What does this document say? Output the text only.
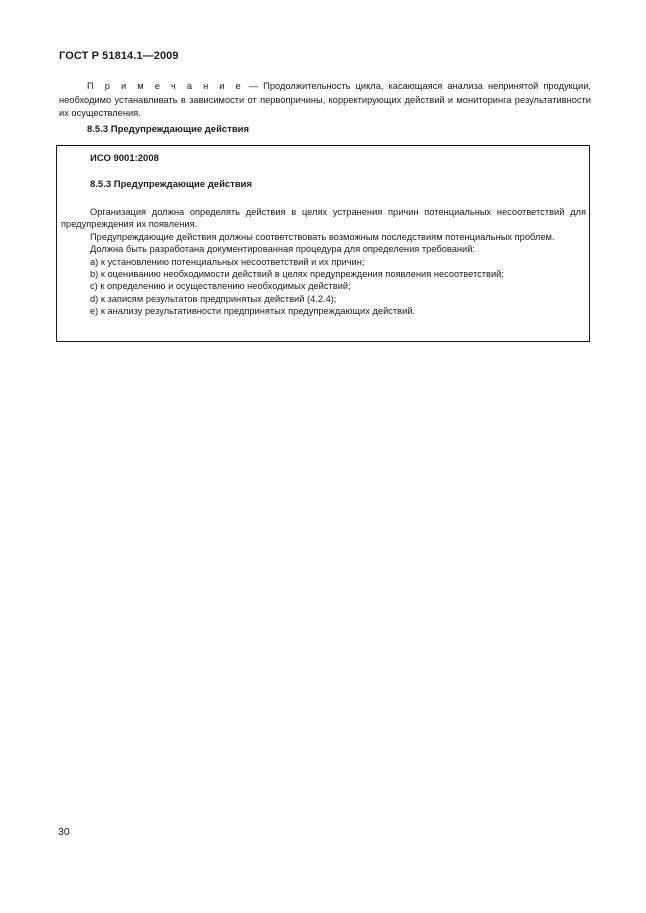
ГОСТ Р 51814.1—2009

П р и м е ч а н и е — Продолжительность цикла, касающаяся анализа непринятой продукции, необходимо устанавливать в зависимости от первопричины, корректирующих действий и мониторинга результативности их осуществления.

8.5.3 Предупреждающие действия
ИСО 9001:2008
8.5.3 Предупреждающие действия

Организация должна определять действия в целях устранения причин потенциальных несоответствий для предупреждения их появления.

Предупреждающие действия должны соответствовать возможным последствиям потенциальных проблем.

Должна быть разработана документированная процедура для определения требований:

a) к установлению потенциальных несоответствий и их причин;
b) к оцениванию необходимости действий в целях предупреждения появления несоответствий;
c) к определению и осуществлению необходимых действий;
d) к записям результатов предпринятых действий (4.2.4);
e) к анализу результативности предпринятых предупреждающих действий.
30
